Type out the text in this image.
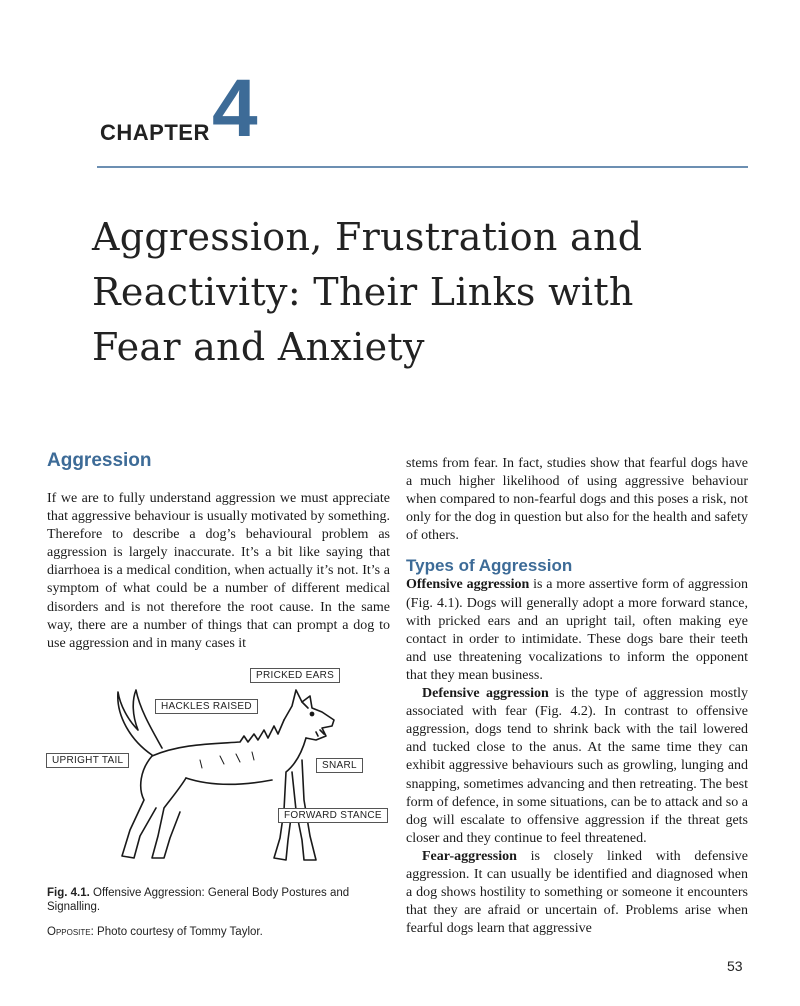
CHAPTER 4
Aggression, Frustration and
Reactivity: Their Links with
Fear and Anxiety
Aggression

If we are to fully understand aggression we must appreciate that aggressive behaviour is usually motivated by something. Therefore to describe a dog’s behavioural problem as aggression is largely inaccurate. It’s a bit like saying that diarrhoea is a medical condition, when actually it’s not. It’s a symptom of what could be a number of different medical disorders and is not therefore the root cause. In the same way, there are a number of things that can prompt a dog to use aggression and in many cases it

PRICKED EARS
HACKLES RAISED
UPRIGHT TAIL	SNARL
FORWARD STANCE
Fig. 4.1. Offensive Aggression: General Body Postures and Signalling.
Opposite: Photo courtesy of Tommy Taylor.

stems from fear. In fact, studies show that fearful dogs have a much higher likelihood of using aggressive behaviour when compared to non-fearful dogs and this poses a risk, not only for the dog in question but also for the health and safety of others.

Types of Aggression

Offensive aggression is a more assertive form of aggression (Fig. 4.1). Dogs will generally adopt a more forward stance, with pricked ears and an upright tail, often making eye contact in order to intimidate. These dogs bare their teeth and use threatening vocalizations to inform the opponent that they mean business.

Defensive aggression is the type of aggression mostly associated with fear (Fig. 4.2). In contrast to offensive aggression, dogs tend to shrink back with the tail lowered and tucked close to the anus. At the same time they can exhibit aggressive behaviours such as growling, lunging and snapping, sometimes advancing and then retreating. The best form of defence, in some situations, can be to attack and so a dog will escalate to offensive aggression if the threat gets closer and they continue to feel threatened.

Fear-aggression is closely linked with defensive aggression. It can usually be identified and diagnosed when a dog shows hostility to something or someone it encounters that they are afraid or uncertain of. Problems arise when fearful dogs learn that aggressive

53
